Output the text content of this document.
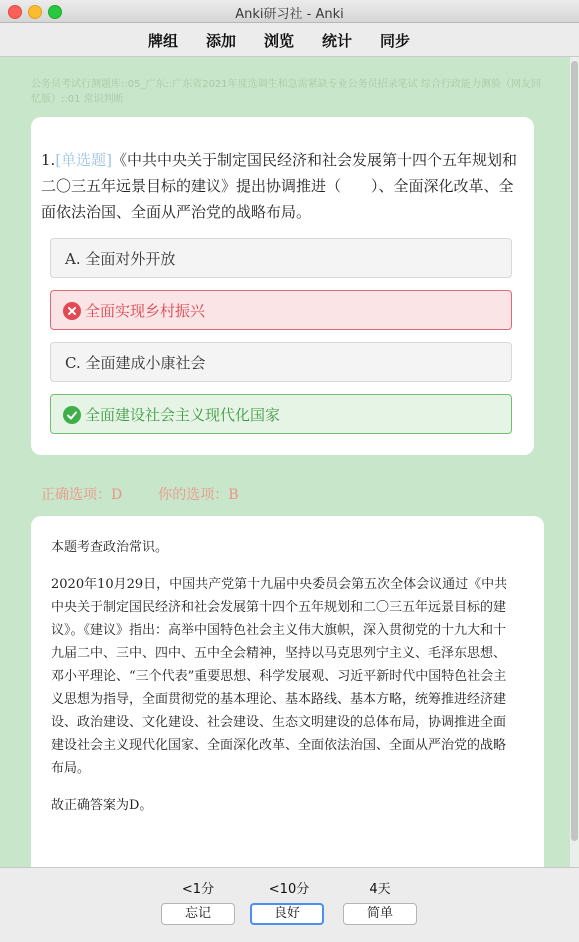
Anki研习社 - Anki
牌组 添加 浏览 统计 同步
公务员考试行测题库::05_广东::广东省2021年度选调生和急需紧缺专业公务员招录笔试 综合行政能力测验（网友回忆版）::01 常识判断
1.[单选题]《中共中央关于制定国民经济和社会发展第十四个五年规划和二〇三五年远景目标的建议》提出协调推进（　　）、全面深化改革、全面依法治国、全面从严治党的战略布局。
A. 全面对外开放
全面实现乡村振兴
C. 全面建成小康社会
全面建设社会主义现代化国家
正确选项：D	你的选项：B

本题考查政治常识。

2020年10月29日，中国共产党第十九届中央委员会第五次全体会议通过《中共中央关于制定国民经济和社会发展第十四个五年规划和二〇三五年远景目标的建议》。《建议》指出：高举中国特色社会主义伟大旗帜，深入贯彻党的十九大和十九届二中、三中、四中、五中全会精神，坚持以马克思列宁主义、毛泽东思想、邓小平理论、“三个代表”重要思想、科学发展观、习近平新时代中国特色社会主义思想为指导，全面贯彻党的基本理论、基本路线、基本方略，统筹推进经济建设、政治建设、文化建设、社会建设、生态文明建设的总体布局，协调推进全面建设社会主义现代化国家、全面深化改革、全面依法治国、全面从严治党的战略布局。

故正确答案为D。

<1分	<10分	4天
忘记	良好	简单
